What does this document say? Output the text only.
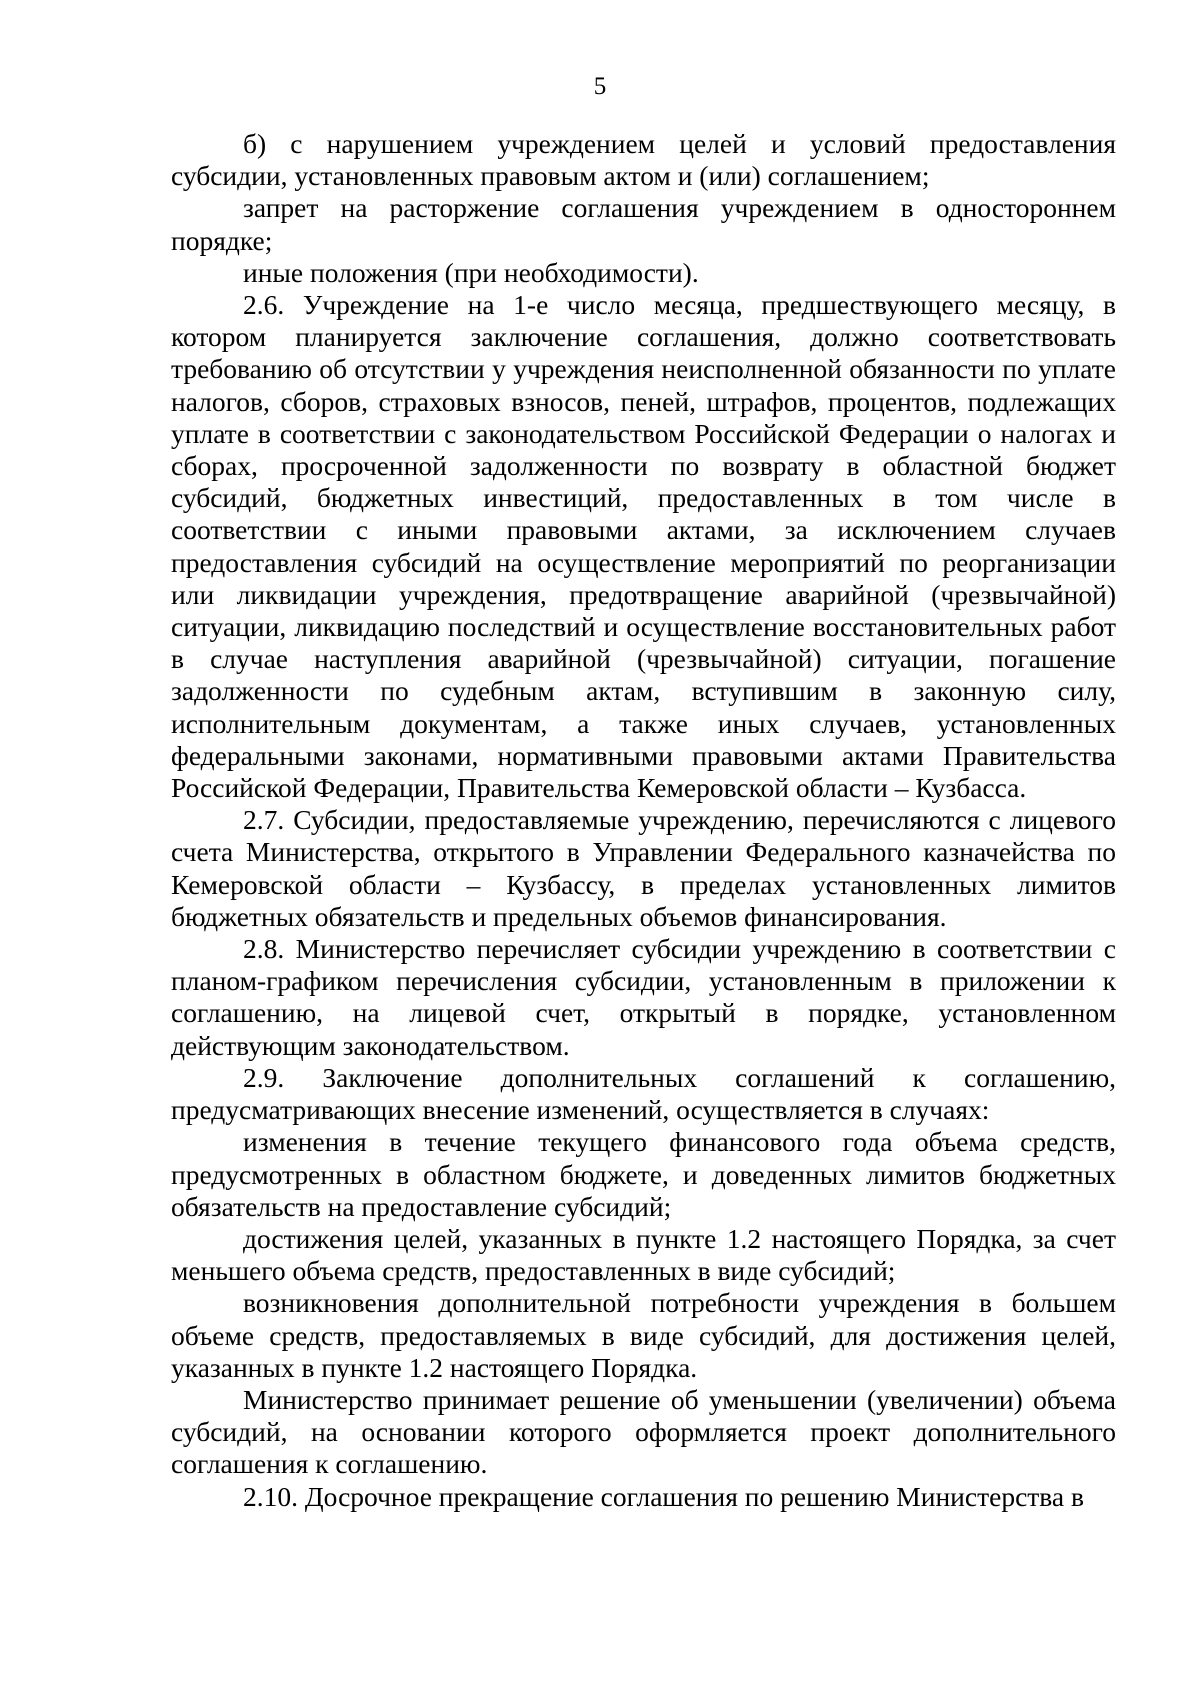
5

б) с нарушением учреждением целей и условий предоставления субсидии, установленных правовым актом и (или) соглашением;

запрет на расторжение соглашения учреждением в одностороннем порядке;

иные положения (при необходимости).

2.6. Учреждение на 1-е число месяца, предшествующего месяцу, в котором планируется заключение соглашения, должно соответствовать требованию об отсутствии у учреждения неисполненной обязанности по уплате налогов, сборов, страховых взносов, пеней, штрафов, процентов, подлежащих уплате в соответствии с законодательством Российской Федерации о налогах и сборах, просроченной задолженности по возврату в областной бюджет субсидий, бюджетных инвестиций, предоставленных в том числе в соответствии с иными правовыми актами, за исключением случаев предоставления субсидий на осуществление мероприятий по реорганизации или ликвидации учреждения, предотвращение аварийной (чрезвычайной) ситуации, ликвидацию последствий и осуществление восстановительных работ в случае наступления аварийной (чрезвычайной) ситуации, погашение задолженности по судебным актам, вступившим в законную силу, исполнительным документам, а также иных случаев, установленных федеральными законами, нормативными правовыми актами Правительства Российской Федерации, Правительства Кемеровской области – Кузбасса.

2.7. Субсидии, предоставляемые учреждению, перечисляются с лицевого счета Министерства, открытого в Управлении Федерального казначейства по Кемеровской области – Кузбассу, в пределах установленных лимитов бюджетных обязательств и предельных объемов финансирования.

2.8. Министерство перечисляет субсидии учреждению в соответствии с планом-графиком перечисления субсидии, установленным в приложении к соглашению, на лицевой счет, открытый в порядке, установленном действующим законодательством.

2.9. Заключение дополнительных соглашений к соглашению, предусматривающих внесение изменений, осуществляется в случаях:

изменения в течение текущего финансового года объема средств, предусмотренных в областном бюджете, и доведенных лимитов бюджетных обязательств на предоставление субсидий;

достижения целей, указанных в пункте 1.2 настоящего Порядка, за счет меньшего объема средств, предоставленных в виде субсидий;

возникновения дополнительной потребности учреждения в большем объеме средств, предоставляемых в виде субсидий, для достижения целей, указанных в пункте 1.2 настоящего Порядка.

Министерство принимает решение об уменьшении (увеличении) объема субсидий, на основании которого оформляется проект дополнительного соглашения к соглашению.

2.10. Досрочное прекращение соглашения по решению Министерства в
